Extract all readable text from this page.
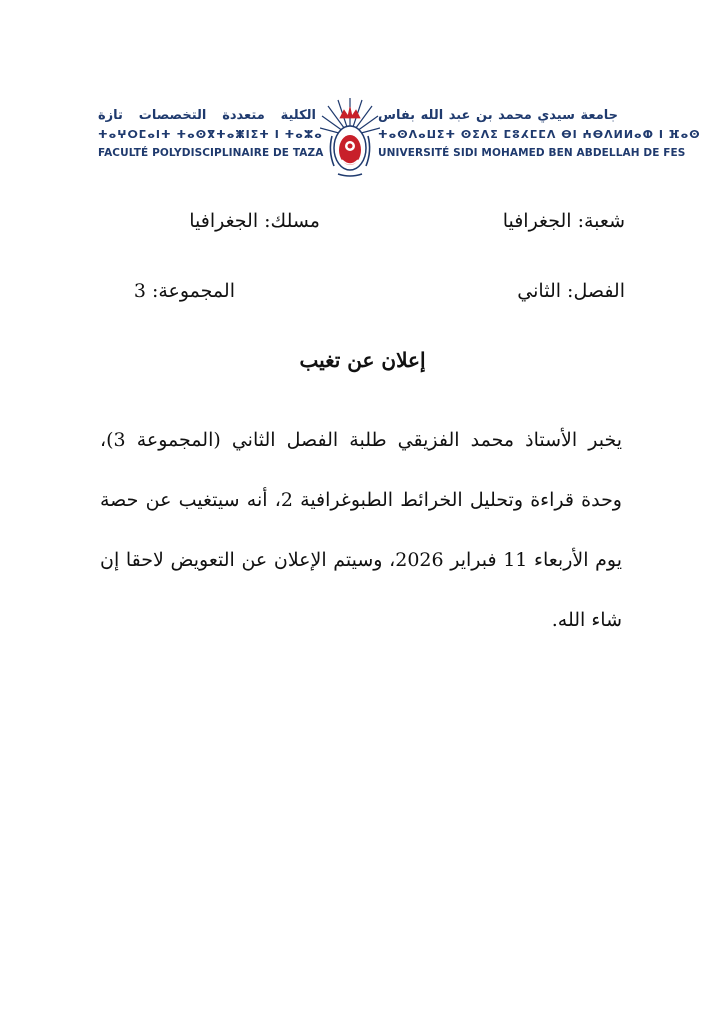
الكلية متعددة التخصصات تازة
ⵜⴰⵖⵔⵎⴰⵏⵜ ⵜⴰⵙⴳⵜⴰⵥⵏⵉⵜ ⵏ ⵜⴰⵣⴰ
FACULTÉ POLYDISCIPLINAIRE DE TAZA
جامعة سيدي محمد بن عبد الله بفاس
ⵜⴰⵙⴷⴰⵡⵉⵜ ⵙⵉⴷⵉ ⵎⵓⵃⵎⵎⴷ ⴱⵏ ⵄⴱⴷⵍⵍⴰⵀ ⵏ ⴼⴰⵙ
UNIVERSITÉ SIDI MOHAMED BEN ABDELLAH DE FES
شعبة: الجغرافيا
مسلك: الجغرافيا
الفصل: الثاني
المجموعة: 3
إعلان عن تغيب
يخبر الأستاذ محمد الفزيقي طلبة الفصل الثاني (المجموعة 3)، وحدة قراءة وتحليل الخرائط الطبوغرافية 2، أنه سيتغيب عن حصة يوم الأربعاء 11 فبراير 2026، وسيتم الإعلان عن التعويض لاحقا إن شاء الله.
